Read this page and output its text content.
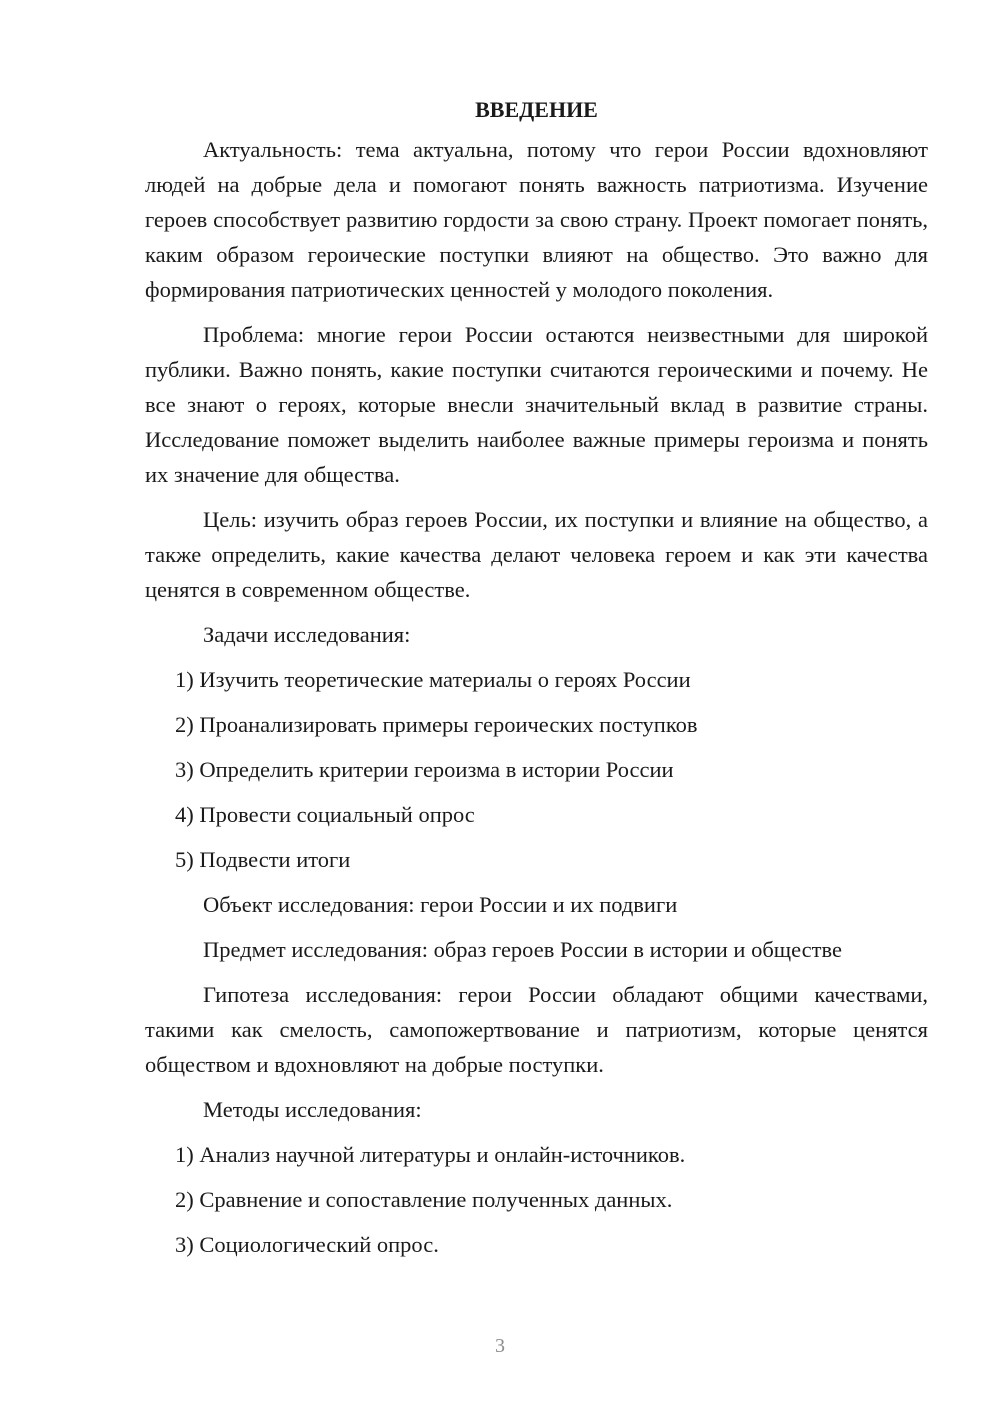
ВВЕДЕНИЕ

Актуальность: тема актуальна, потому что герои России вдохновляют людей на добрые дела и помогают понять важность патриотизма. Изучение героев способствует развитию гордости за свою страну. Проект помогает понять, каким образом героические поступки влияют на общество. Это важно для формирования патриотических ценностей у молодого поколения.

Проблема: многие герои России остаются неизвестными для широкой публики. Важно понять, какие поступки считаются героическими и почему. Не все знают о героях, которые внесли значительный вклад в развитие страны. Исследование поможет выделить наиболее важные примеры героизма и понять их значение для общества.

Цель: изучить образ героев России, их поступки и влияние на общество, а также определить, какие качества делают человека героем и как эти качества ценятся в современном обществе.

Задачи исследования:

1) Изучить теоретические материалы о героях России

2) Проанализировать примеры героических поступков

3) Определить критерии героизма в истории России

4) Провести социальный опрос

5) Подвести итоги

Объект исследования: герои России и их подвиги

Предмет исследования: образ героев России в истории и обществе

Гипотеза исследования: герои России обладают общими качествами, такими как смелость, самопожертвование и патриотизм, которые ценятся обществом и вдохновляют на добрые поступки.

Методы исследования:

1) Анализ научной литературы и онлайн-источников.

2) Сравнение и сопоставление полученных данных.

3) Социологический опрос.

3
